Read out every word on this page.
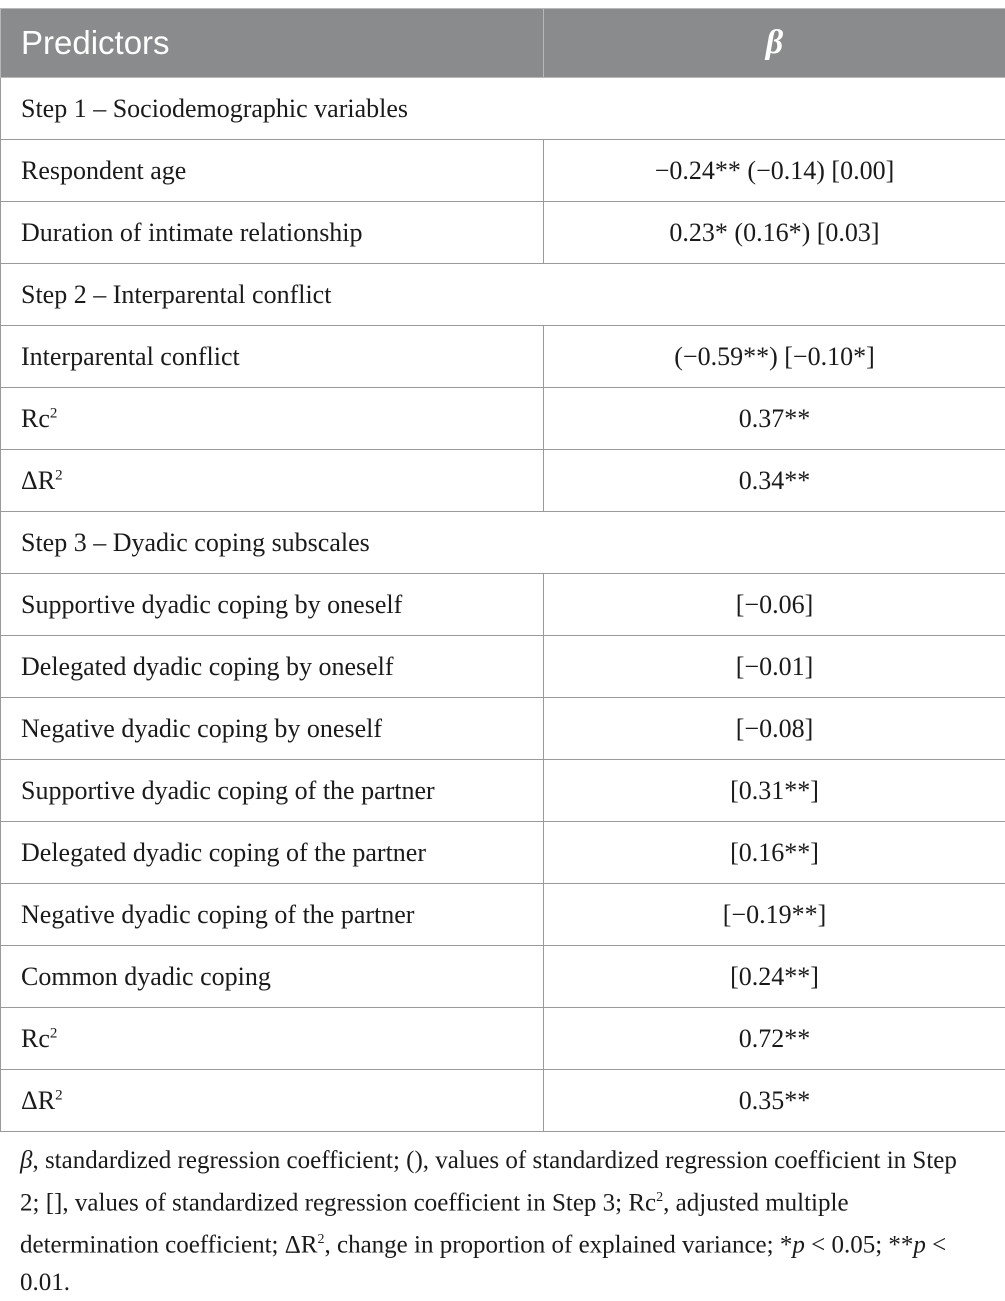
Predictors	β
Step 1 – Sociodemographic variables	
Respondent age	−0.24** (−0.14) [0.00]
Duration of intimate relationship	0.23* (0.16*) [0.03]
Step 2 – Interparental conflict	
Interparental conflict	(−0.59**) [−0.10*]
Rc$^2$	0.37**
$\Delta R^2$	0.34**
Step 3 – Dyadic coping subscales	
Supportive dyadic coping by oneself	[−0.06]
Delegated dyadic coping by oneself	[−0.01]
Negative dyadic coping by oneself	[−0.08]
Supportive dyadic coping of the partner	[0.31**]
Delegated dyadic coping of the partner	[0.16**]
Negative dyadic coping of the partner	[−0.19**]
Common dyadic coping	[0.24**]
Rc$^2$	0.72**
$\Delta R^2$	0.35**
β, standardized regression coefficient; (), values of standardized regression coefficient in Step 2; [], values of standardized regression coefficient in Step 3; Rc$^2$, adjusted multiple determination coefficient; $\Delta R^2$, change in proportion of explained variance; *p < 0.05; **p < 0.01.
